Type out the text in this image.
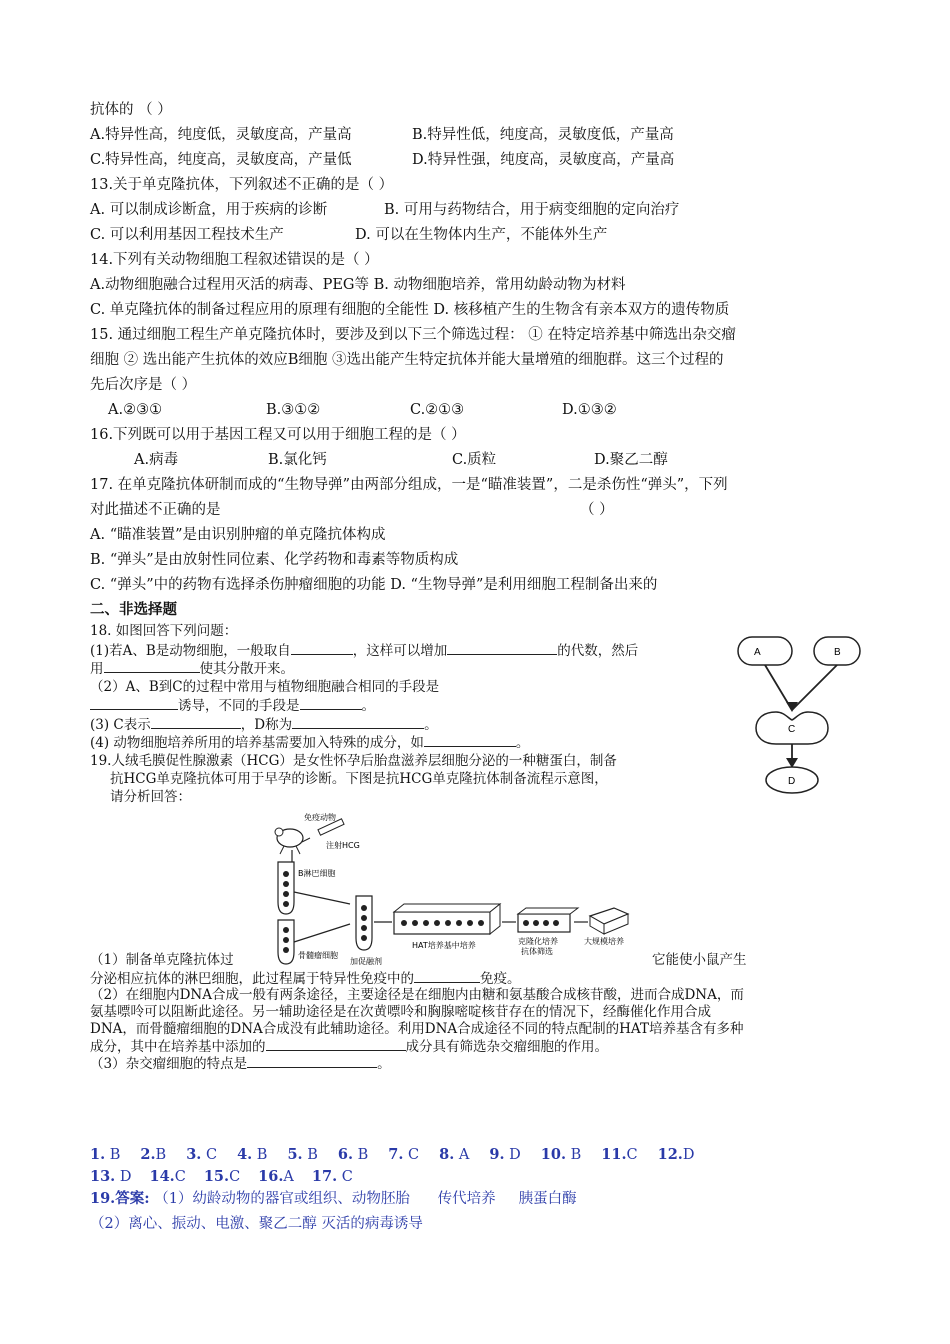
抗体的 （ ）
A.特异性高，纯度低，灵敏度高，产量高	B.特异性低，纯度高，灵敏度低，产量高
C.特异性高，纯度高，灵敏度高，产量低	D.特异性强，纯度高，灵敏度高，产量高
13.关于单克隆抗体，下列叙述不正确的是（ ）
A. 可以制成诊断盒，用于疾病的诊断	B. 可用与药物结合，用于病变细胞的定向治疗
C. 可以利用基因工程技术生产	D. 可以在生物体内生产，不能体外生产
14.下列有关动物细胞工程叙述错误的是（ ）
A.动物细胞融合过程用灭活的病毒、PEG等 B. 动物细胞培养，常用幼龄动物为材料
C. 单克隆抗体的制备过程应用的原理有细胞的全能性 D. 核移植产生的生物含有亲本双方的遗传物质
15. 通过细胞工程生产单克隆抗体时，要涉及到以下三个筛选过程： ① 在特定培养基中筛选出杂交瘤
细胞 ② 选出能产生抗体的效应B细胞 ③选出能产生特定抗体并能大量增殖的细胞群。这三个过程的
先后次序是（ ）
A.②③①	B.③①②	C.②①③	D.①③②
16.下列既可以用于基因工程又可以用于细胞工程的是（ ）
A.病毒	B.氯化钙	C.质粒	D.聚乙二醇
17. 在单克隆抗体研制而成的“生物导弹”由两部分组成，一是“瞄准装置”，二是杀伤性“弹头”，下列
对此描述不正确的是	（ ）
A. “瞄准装置”是由识别肿瘤的单克隆抗体构成
B. “弹头”是由放射性同位素、化学药物和毒素等物质构成
C. “弹头”中的药物有选择杀伤肿瘤细胞的功能 D. “生物导弹”是利用细胞工程制备出来的
二、非选择题
18. 如图回答下列问题：
(1)若A、B是动物细胞，一般取自	，这样可以增加	的代数，然后
用	使其分散开来。
（2）A、B到C的过程中常用与植物细胞融合相同的手段是
诱导，不同的手段是	。
(3) C表示	，D称为	。
(4) 动物细胞培养所用的培养基需要加入特殊的成分，如	。
A	B
C
D
19.人绒毛膜促性腺激素（HCG）是女性怀孕后胎盘滋养层细胞分泌的一种糖蛋白，制备
抗HCG单克隆抗体可用于早孕的诊断。下图是抗HCG单克隆抗体制备流程示意图，
请分析回答：
免疫动物
注射HCG
B淋巴细胞
骨髓瘤细胞
加促融剂
HAT培养基中培养	克隆化培养
抗体筛选
大规模培养
（1）制备单克隆抗体过	它能使小鼠产生
分泌相应抗体的淋巴细胞，此过程属于特异性免疫中的	免疫。
（2）在细胞内DNA合成一般有两条途径，主要途径是在细胞内由糖和氨基酸合成核苷酸，进而合成DNA，而
氨基嘌呤可以阻断此途径。另一辅助途径是在次黄嘌呤和胸腺嘧啶核苷存在的情况下，经酶催化作用合成
DNA，而骨髓瘤细胞的DNA合成没有此辅助途径。利用DNA合成途径不同的特点配制的HAT培养基含有多种
成分，其中在培养基中添加的	成分具有筛选杂交瘤细胞的作用。
（3）杂交瘤细胞的特点是	。
1. B 2.B 3. C 4. B 5. B 6. B 7. C 8. A 9. D 10. B 11.C 12.D
13. D 14.C 15.C 16.A 17. C
19.答案: （1）幼龄动物的器官或组织、动物胚胎 传代培养 胰蛋白酶
（2）离心、振动、电激、聚乙二醇 灭活的病毒诱导
